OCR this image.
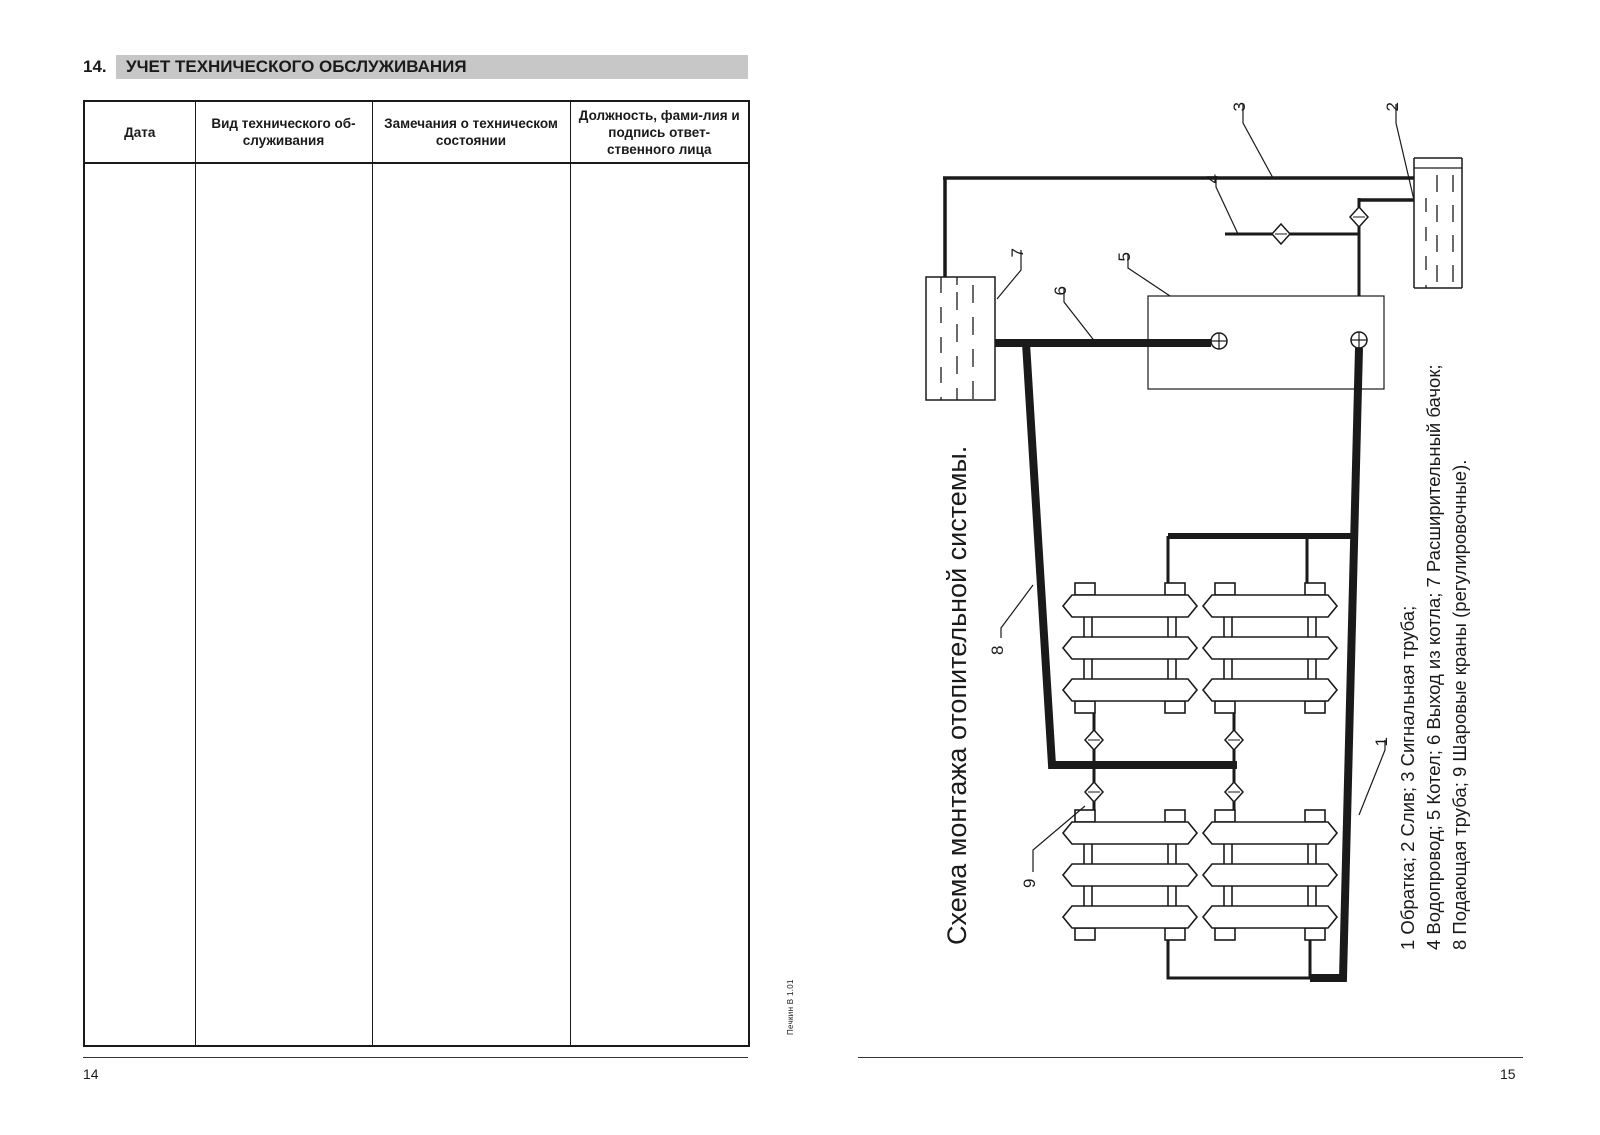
14.	УЧЕТ ТЕХНИЧЕСКОГО ОБСЛУЖИВАНИЯ
Дата	Вид технического об-служивания	Замечания о техническом состоянии	Должность, фами-лия и подпись ответ-ственного лица

14
Печкин В 1.01
15
1
2
3
4
5
6
7
8
9
Схема монтажа отопительной системы.	1 Обратка; 2 Слив; 3 Сигнальная труба; 4 Водопровод; 5 Котел; 6 Выход из котла; 7 Расширительный бачок; 8 Подающая труба; 9 Шаровые краны (регулировочные).
